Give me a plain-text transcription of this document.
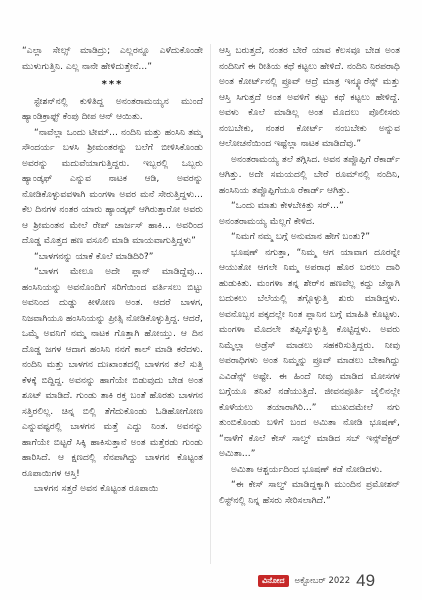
“ಎಲ್ಲಾ ಸೇಲ್ಸ್ ಮಾಡಿದ್ರು; ಎಲ್ಲರನ್ನೂ ಎಳೆದುಕೊಂಡೇ ಮುಳುಗುತ್ತಿನಿ. ಎಲ್ಲ ನಾನೇ ಹೇಳಿದುತ್ತೇನೆ...”

***

ಸ್ಟೇಶನ್‌ನಲ್ಲಿ ಕುಳಿತಿದ್ದ ಅನಂತರಾಮಯ್ಯನ ಮುಂದೆ ಹ್ಯಾಂಡಿಕ್ರಾಫ್ಟ್ ಕೆಂಪು ದೀಪ ಆನ್ ಆಯಿತು.

“ನಾವೆಲ್ಲಾ ಒಂದು ಟೀಮ್... ನಂದಿನಿ ಮತ್ತು ಹಂಸಿನಿ ತಮ್ಮ ಸೌಂದರ್ಯ ಬಳಸಿ ಶ್ರೀಮಂತರನ್ನು ಬಲೆಗೆ ಬೀಳಿಸಿಕೊಂಡು ಅವರನ್ನು ಮದುವೆಯಾಗುತ್ತಿದ್ದರು. ಇಬ್ಬರಲ್ಲಿ ಒಬ್ಬರು ಹ್ಯಾಂಡ್ಕಫ್ ಎನ್ನುವ ನಾಟಕ ಆಡಿ, ಅವರನ್ನು ನೋಡಿಕೊಳ್ಳುವವಳಾಗಿ ಮಂಗಳಾ ಅವರ ಮನೆ ಸೇರುತ್ತಿದ್ದಳು... ಕೆಲ ದಿನಗಳ ನಂತರ ಯಾರು ಹ್ಯಾಂಡ್ಕಫ್ ಆಗಿರುತ್ತಾರೋ ಅವರು ಆ ಶ್ರೀಮಂತನ ಮೇಲೆ ರೇಪ್ ಚಾರ್ಜಸ್ ಹಾಕಿ... ಅವರಿಂದ ದೊಡ್ಡ ಮೊತ್ತದ ಹಣ ವಸೂಲಿ ಮಾಡಿ ಮಾಯವಾಗುತ್ತಿದ್ದಳು”

“ಬಾಳಗನನ್ನು ಯಾಕೆ ಕೊಲೆ ಮಾಡಿದಿರಿ?”

“ಬಾಳಗ ಮೇಲೂ ಅದೇ ಪ್ಲಾನ್ ಮಾಡಿದ್ದೆವು... ಹಂಸಿನಿಯನ್ನು ಅವನೊಂದಿಗೆ ಸರಿಗೆಯಿಂದ ವರ್ತಿಸಲು ಬಿಟ್ಟು ಅವನಿಂದ ದುಡ್ಡು ಕೀಳೋಣ ಅಂತ. ಆದರೆ ಬಾಳಗ, ನಿಜವಾಗಿಯೂ ಹಂಸಿನಿಯನ್ನು ಪ್ರೀತ್ಸಿ ನೋಡಿಕೊಳ್ಳುತ್ತಿದ್ದ. ಆದರೆ, ಒಮ್ಮೆ ಅವನಿಗೆ ನಮ್ಮ ನಾಟಕ ಗೊತ್ತಾಗಿ ಹೋಯ್ತು. ಆ ದಿನ ದೊಡ್ಡ ಜಗಳ ಆದಾಗ ಹಂಸಿನಿ ನನಗೆ ಕಾಲ್ ಮಾಡಿ ಕರೆದಳು. ನಂದಿನಿ ಮತ್ತು ಬಾಳಗನ ದುಃಖಾಂತದಲ್ಲಿ ಬಾಳಗನ ತಲೆ ಸುತ್ತಿ ಕೆಳಕ್ಕೆ ಬಿದ್ದಿದ್ದ. ಅವನನ್ನು ಹಾಗೆಯೇ ಬಿಡುವುದು ಬೇಡ ಅಂತ ಶೂಟ್ ಮಾಡಿದೆ. ಗುಂಡು ತಾಕಿ ರಕ್ತ ಬಂತೆ ಹೊರತು ಬಾಳಗನ ಸತ್ತಿರಲಿಲ್ಲ. ಚಿನ್ನ ಬಿಲ್ಲಿ ತೆಗೆದುಕೊಂಡು ಓಡಿಹೋಗೋಣ ಎನ್ನುವಷ್ಟರಲ್ಲಿ ಬಾಳಗನ ಮತ್ತೆ ಎದ್ದು ನಿಂತ. ಅವನನ್ನು ಹಾಗೆಯೇ ಬಿಟ್ಟರೆ ಸಿಕ್ಕಿ ಹಾಕಿಸುತ್ತಾನೆ ಅಂತ ಮತ್ತೆರಡು ಗುಂಡು ಹಾರಿಸಿದೆ. ಆ ಕ್ಷಣದಲ್ಲಿ ನೆನಪಾಗಿದ್ದು ಬಾಳಗನ ಕೊಟ್ಟಂತ ರೂಪಾಯಿಗಳ ಆಸ್ತಿ!

ಬಾಳಗನ ಸತ್ತರೆ ಅವನ ಕೊಟ್ಟಂತ ರೂಪಾಯಿ

ಆಸ್ತಿ ಬರುತ್ತದೆ, ನಂತರ ಬೇರೆ ಯಾವ ಕೆಲಸವೂ ಬೇಡ ಅಂತ ನಂದಿನಿಗೆ ಈ ರೀತಿಯ ಕಥೆ ಕಟ್ಟಲು ಹೇಳಿದೆ. ನಂದಿನಿ ನಿರಪರಾಧಿ ಅಂತ ಕೋರ್ಟ್‌ನಲ್ಲಿ ಪ್ರೂವ್ ಆದ್ರೆ ಮಾತ್ರ ಇನ್ಶ್ಯೂರೆನ್ಸ್ ಮತ್ತು ಆಸ್ತಿ ಸಿಗುತ್ತದೆ ಅಂತ ಅವಳಿಗೆ ಕಟ್ಟು ಕಥೆ ಕಟ್ಟಲು ಹೇಳಿದ್ದೆ. ಅವಳು ಕೊಲೆ ಮಾಡಿಲ್ಲ ಅಂತ ಮೊದಲು ಪೊಲೀಸರು ನಂಬಬೇಕು, ನಂತರ ಕೋರ್ಟ್ ನಂಬಬೇಕು ಅನ್ನುವ ಆಲೋಚನೆಯಿಂದ ಇಷ್ಟೆಲ್ಲಾ ನಾಟಕ ಮಾಡಿದೆವು.”

ಅನಂತರಾಮಯ್ಯ ತಲೆ ತಗ್ಗಿಸಿದ. ಅವನ ತಪ್ಪೊಪ್ಪಿಗೆ ರೆಕಾರ್ಡ್ ಆಗಿತ್ತು. ಅದೇ ಸಮಯದಲ್ಲಿ ಬೇರೆ ರೂಮ್‌ನಲ್ಲಿ ನಂದಿನಿ, ಹಂಸಿನಿಯ ತಪ್ಪೊಪ್ಪಿಗೆಯೂ ರೆಕಾರ್ಡ್ ಆಗಿತ್ತು.

“ಒಂದು ಮಾತು ಕೇಳಬೇಕಿತ್ತು ಸರ್...”

ಅನಂತರಾಮಯ್ಯ ಮೆಲ್ಲಗೆ ಕೇಳಿದ.

“ನಿಮಗೆ ನಮ್ಮ ಬಗ್ಗೆ ಅನುಮಾನ ಹೇಗೆ ಬಂತು?”

ಭೂಷಣ್ ನಗುತ್ತಾ, “ನಿಮ್ಮ ಆಗ ಯಾವಾಗ ದೂರನ್ನೇ ಆಯುತೋ ಆಗಲೇ ನಿಮ್ಮ ಅಪರಾಧ ಹೊರ ಬರಲು ದಾರಿ ಹುಡುಕಿತು. ಮಂಗಳಾ ತನ್ನ ಶೇರ್‌ನ ಹಣವೆಲ್ಲ ಕದ್ದು ಚೆನ್ನಾಗಿ ಬದುಕಲು ಬೆಲೆಯಲ್ಲಿ ತಗ್ಗೊಳ್ಳುತ್ತಿ ಶುರು ಮಾಡಿದ್ದಳು. ಅವನೊಬ್ಬನ ಪಕ್ಕದಲ್ಲೇ ನಿಂತ ಪ್ಲಾನಿನ ಬಗ್ಗೆ ಮಾಹಿತಿ ಕೊಟ್ಟಳು. ಮಂಗಳಾ ಮೊದಲೇ ತಪ್ಪಿಸ್ಕೊಳ್ಳುತ್ತಿ ಕೊಟ್ಟಿದ್ದಳು. ಅವರು ನಿಮ್ಮೆಲ್ಲಾ ಅಡ್ರೆಸ್ ಮಾಡಲು ಸಹಕರಿಸುತ್ತಿದ್ದರು. ನೀವು ಅಪರಾಧಿಗಳು ಅಂತ ನಿಮ್ಮನ್ನು ಪ್ರೂವ್ ಮಾಡಲು ಬೇಕಾಗಿದ್ದು ಎವಿಡೆನ್ಸ್ ಅಷ್ಟೇ. ಈ ಹಿಂದೆ ನೀವು ಮಾಡಿದ ಮೋಸಗಳ ಬಗ್ಗೆಯೂ ತನಿಖೆ ನಡೆಯುತ್ತಿದೆ. ಜೀವನಪೂರ್ತಿ ಜೈಲಿನಲ್ಲೇ ಕೊಳೆಯಲು ತಯಾರಾಗಿರಿ...” ಮುಖದಮೇಲೆ ನಗು ತುಂಬಿಕೊಂಡು ಬಳಿಗೆ ಬಂದ ಅಮಿತಾ ನೋಡಿ ಭೂಷಣ್, “ನಾಳೆಗೆ ಕೊಲೆ ಕೇಸ್ ಸಾಲ್ವ್ ಮಾಡಿದ ಸಬ್ ಇನ್ಸ್‌ಪೆಕ್ಟರ್ ಅಮಿತಾ...”

ಅಮಿತಾ ಆಶ್ಚರ್ಯದಿಂದ ಭೂಷಣ್ ಕಡೆ ನೋಡಿದಳು.

“ಈ ಕೇಸ್ ಸಾಲ್ವ್ ಮಾಡಿದ್ದಕ್ಕಾಗಿ ಮುಂದಿನ ಪ್ರಮೋಶನ್ ಲಿಸ್ಟ್‌ನಲ್ಲಿ ನಿನ್ನ ಹೆಸರು ಸೇರಿಸಲಾಗಿದೆ.”

ವಿನೋದ	ಅಕ್ಟೋಬರ್ 2022 49
